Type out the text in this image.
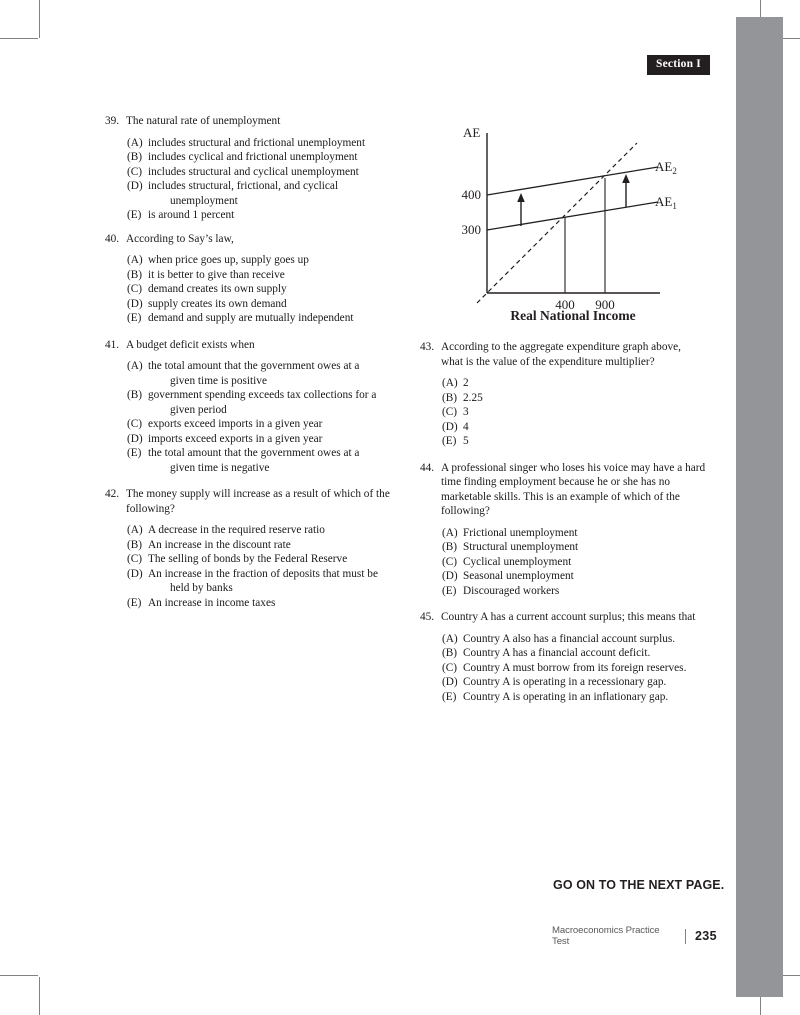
Section I
39. The natural rate of unemployment
(A) includes structural and frictional unemployment
(B) includes cyclical and frictional unemployment
(C) includes structural and cyclical unemployment
(D) includes structural, frictional, and cyclical
unemployment
(E) is around 1 percent
40. According to Say’s law,
(A) when price goes up, supply goes up
(B) it is better to give than receive
(C) demand creates its own supply
(D) supply creates its own demand
(E) demand and supply are mutually independent
41. A budget deficit exists when
(A) the total amount that the government owes at a
given time is positive
(B) government spending exceeds tax collections for a
given period
(C) exports exceed imports in a given year
(D) imports exceed exports in a given year
(E) the total amount that the government owes at a
given time is negative
42. The money supply will increase as a result of which of the following?
(A) A decrease in the required reserve ratio
(B) An increase in the discount rate
(C) The selling of bonds by the Federal Reserve
(D) An increase in the fraction of deposits that must be
held by banks
(E) An increase in income taxes
AE
400
300
400 900
$AE_2$
$AE_1$
Real National Income
43. According to the aggregate expenditure graph above, what is the value of the expenditure multiplier?
(A) 2
(B) 2.25
(C) 3
(D) 4
(E) 5
44. A professional singer who loses his voice may have a hard time finding employment because he or she has no marketable skills. This is an example of which of the following?
(A) Frictional unemployment
(B) Structural unemployment
(C) Cyclical unemployment
(D) Seasonal unemployment
(E) Discouraged workers
45. Country A has a current account surplus; this means that
(A) Country A also has a financial account surplus.
(B) Country A has a financial account deficit.
(C) Country A must borrow from its foreign reserves.
(D) Country A is operating in a recessionary gap.
(E) Country A is operating in an inflationary gap.
GO ON TO THE NEXT PAGE.
Macroeconomics Practice Test	235
